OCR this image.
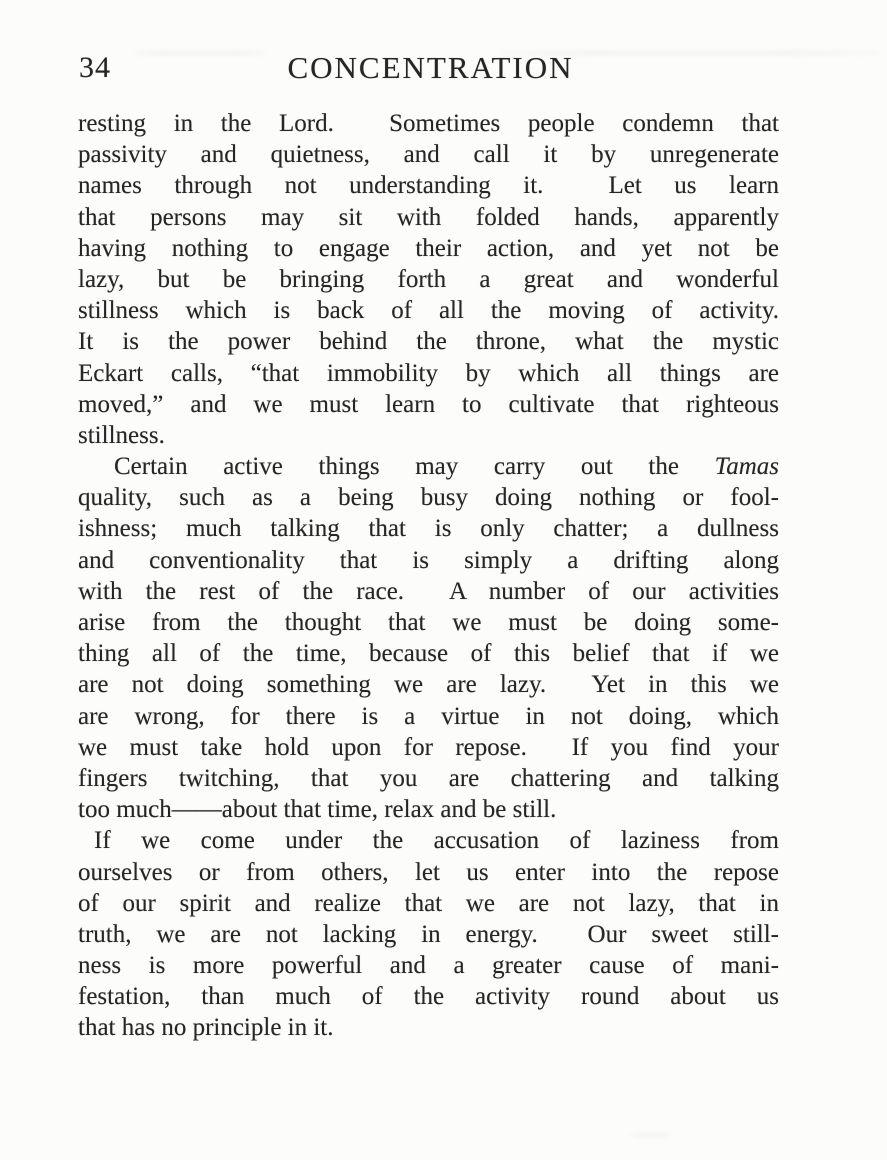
34	CONCENTRATION
resting in the Lord.  Sometimes people condemn that
passivity and quietness, and call it by unregenerate
names through not understanding it.  Let us learn
that persons may sit with folded hands, apparently
having nothing to engage their action, and yet not be
lazy, but be bringing forth a great and wonderful
stillness which is back of all the moving of activity.
It is the power behind the throne, what the mystic
Eckart calls, “that immobility by which all things are
moved,” and we must learn to cultivate that righteous
stillness.
Certain active things may carry out the Tamas
quality, such as a being busy doing nothing or fool-
ishness; much talking that is only chatter; a dullness
and conventionality that is simply a drifting along
with the rest of the race.  A number of our activities
arise from the thought that we must be doing some-
thing all of the time, because of this belief that if we
are not doing something we are lazy.  Yet in this we
are wrong, for there is a virtue in not doing, which
we must take hold upon for repose.  If you find your
fingers twitching, that you are chattering and talking
too much——about that time, relax and be still.
If we come under the accusation of laziness from
ourselves or from others, let us enter into the repose
of our spirit and realize that we are not lazy, that in
truth, we are not lacking in energy.  Our sweet still-
ness is more powerful and a greater cause of mani-
festation, than much of the activity round about us
that has no principle in it.
